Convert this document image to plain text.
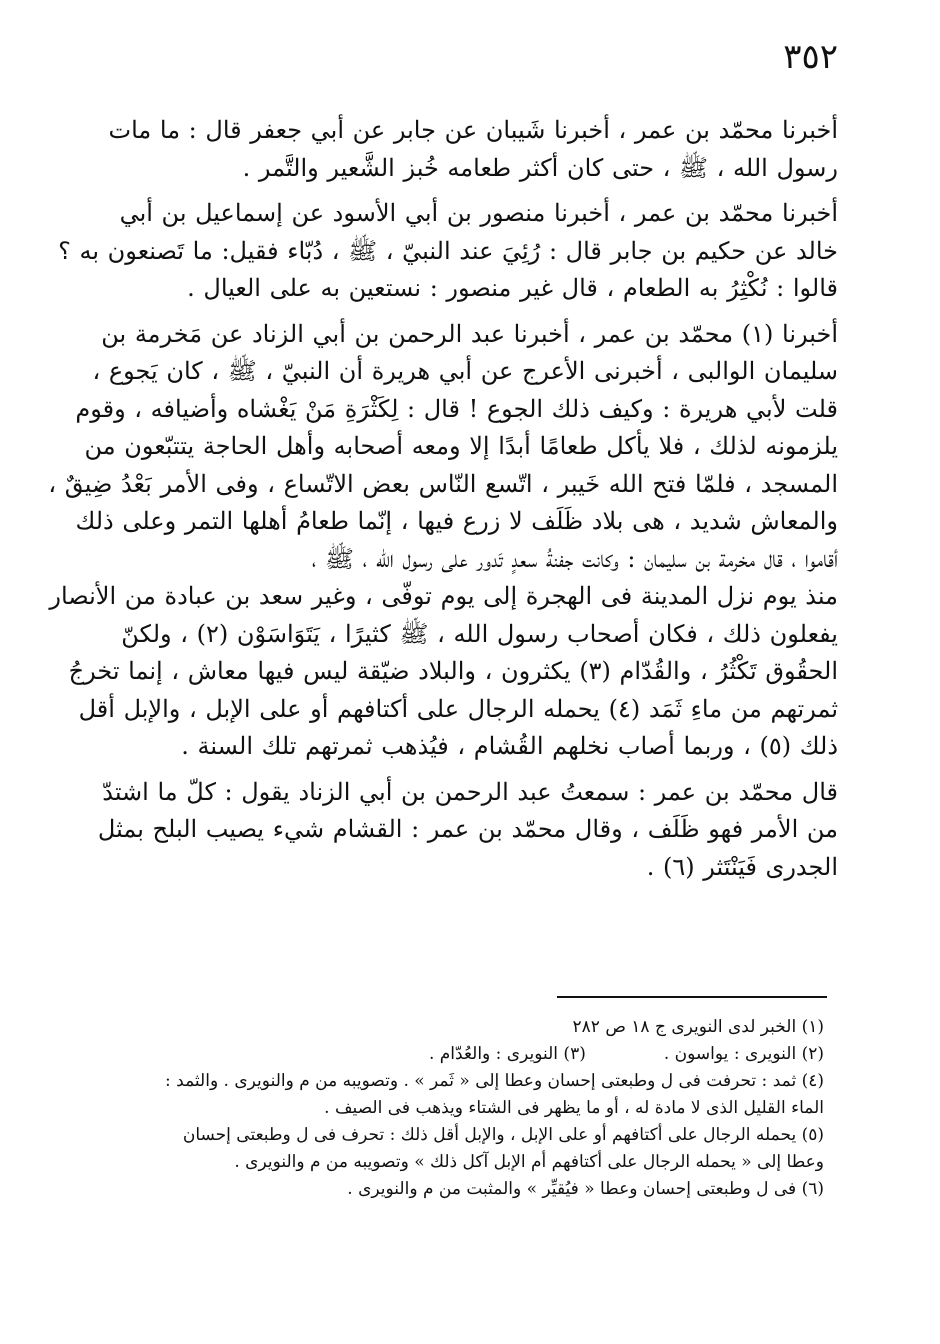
٣٥٢

أخبرنا محمّد بن عمر ، أخبرنا شَيبان عن جابر عن أبي جعفر قال : ما مات
رسول الله ، ﷺ ، حتى كان أكثر طعامه خُبز الشَّعير والتَّمر .

أخبرنا محمّد بن عمر ، أخبرنا منصور بن أبي الأسود عن إسماعيل بن أبي
خالد عن حكيم بن جابر قال : رُئِيَ عند النبيّ ، ﷺ ، دُبّاء فقيل: ما تَصنعون به ؟
قالوا : نُكْثِرُ به الطعام ، قال غير منصور : نستعين به على العيال .

أخبرنا (١) محمّد بن عمر ، أخبرنا عبد الرحمن بن أبي الزناد عن مَخرمة بن
سليمان الوالبى ، أخبرنى الأعرج عن أبي هريرة أن النبيّ ، ﷺ ، كان يَجوع ،
قلت لأبي هريرة : وكيف ذلك الجوع ! قال : لِكَثْرَةِ مَنْ يَغْشاه وأضيافه ، وقوم
يلزمونه لذلك ، فلا يأكل طعامًا أبدًا إلا ومعه أصحابه وأهل الحاجة يتتبّعون من
المسجد ، فلمّا فتح الله خَيبر ، اتّسع النّاس بعض الاتّساع ، وفى الأمر بَعْدُ ضِيقٌ ،
والمعاش شديد ، هى بلاد ظَلَف لا زرع فيها ، إنّما طعامُ أهلها التمر وعلى ذلك
أقاموا ، قال مخرمة بن سليمان : وكانت جفنةُ سعدٍ تَدور على رسول الله ، ﷺ ،
منذ يوم نزل المدينة فى الهجرة إلى يوم توفّى ، وغير سعد بن عبادة من الأنصار
يفعلون ذلك ، فكان أصحاب رسول الله ، ﷺ كثيرًا ، يَتَوَاسَوْن (٢) ، ولكنّ
الحقُوق تَكْثُرُ ، والقُدّام (٣) يكثرون ، والبلاد ضيّقة ليس فيها معاش ، إنما تخرجُ
ثمرتهم من ماءِ ثَمَد (٤) يحمله الرجال على أكتافهم أو على الإبل ، والإبل أقل
ذلك (٥) ، وربما أصاب نخلهم القُشام ، فيُذهب ثمرتهم تلك السنة .

قال محمّد بن عمر : سمعتُ عبد الرحمن بن أبي الزناد يقول : كلّ ما اشتدّ
من الأمر فهو ظَلَف ، وقال محمّد بن عمر : القشام شيء يصيب البلح بمثل
الجدرى فَيَنْتَثر (٦) .

(١) الخبر لدى النويرى ج ١٨ ص ٢٨٢

(٢) النويرى : يواسون .

(٣) النويرى : والعُدّام .

(٤) ثمد : تحرفت فى ل وطبعتى إحسان وعطا إلى « ثَمر » . وتصويبه من م والنويرى . والثمد :

الماء القليل الذى لا مادة له ، أو ما يظهر فى الشتاء ويذهب فى الصيف .

(٥) يحمله الرجال على أكتافهم أو على الإبل ، والإبل أقل ذلك : تحرف فى ل وطبعتى إحسان

وعطا إلى « يحمله الرجال على أكتافهم أم الإبل آكل ذلك » وتصويبه من م والنويرى .

(٦) فى ل وطبعتى إحسان وعطا « فيُقيِّر » والمثبت من م والنويرى .
